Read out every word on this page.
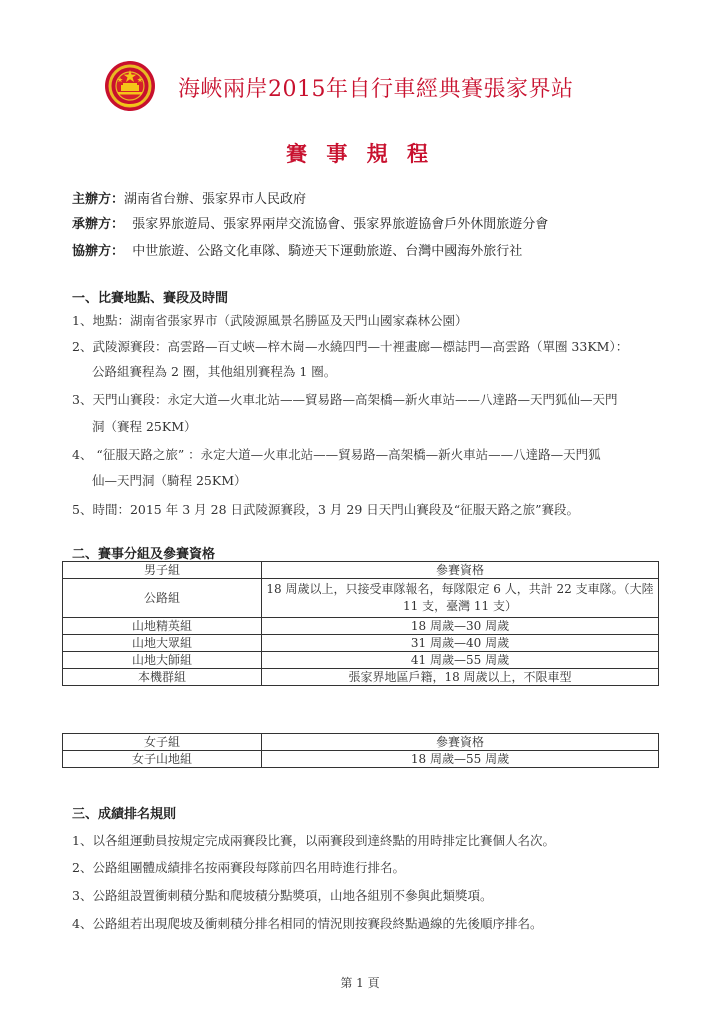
海峽兩岸2015年自行車經典賽張家界站
賽 事 規 程
主辦方：湖南省台辦、張家界市人民政府
承辦方： 張家界旅遊局、張家界兩岸交流協會、張家界旅遊協會戶外休閒旅遊分會
協辦方： 中世旅遊、公路文化車隊、騎迹天下運動旅遊、台灣中國海外旅行社
一、比賽地點、賽段及時間
1、地點：湖南省張家界市（武陵源風景名勝區及天門山國家森林公園）
2、武陵源賽段：高雲路—百丈峽—梓木崗—水繞四門—十裡畫廊—標誌門—高雲路（單圈 33KM）：
公路組賽程為 2 圈，其他組別賽程為 1 圈。
3、天門山賽段：永定大道—火車北站——貿易路—高架橋—新火車站——八達路—天門狐仙—天門
洞（賽程 25KM）
4、 “征服天路之旅” ：永定大道—火車北站——貿易路—高架橋—新火車站——八達路—天門狐
仙—天門洞（騎程 25KM）
5、時間：2015 年 3 月 28 日武陵源賽段，3 月 29 日天門山賽段及“征服天路之旅”賽段。
二、賽事分組及參賽資格
男子組	參賽資格
公路組	18 周歲以上，只接受車隊報名，每隊限定 6 人，共計 22 支車隊。（大陸 11 支，臺灣 11 支）
山地精英組	18 周歲—30 周歲
山地大眾組	31 周歲—40 周歲
山地大師組	41 周歲—55 周歲
本機群組	張家界地區戶籍，18 周歲以上，不限車型
女子組	參賽資格
女子山地組	18 周歲—55 周歲
三、成績排名規則
1、以各組運動員按規定完成兩賽段比賽，以兩賽段到達終點的用時排定比賽個人名次。
2、公路組團體成績排名按兩賽段每隊前四名用時進行排名。
3、公路組設置衝刺積分點和爬坡積分點獎項，山地各組別不參與此類獎項。
4、公路組若出現爬坡及衝刺積分排名相同的情況則按賽段終點過線的先後順序排名。
第 1 頁
